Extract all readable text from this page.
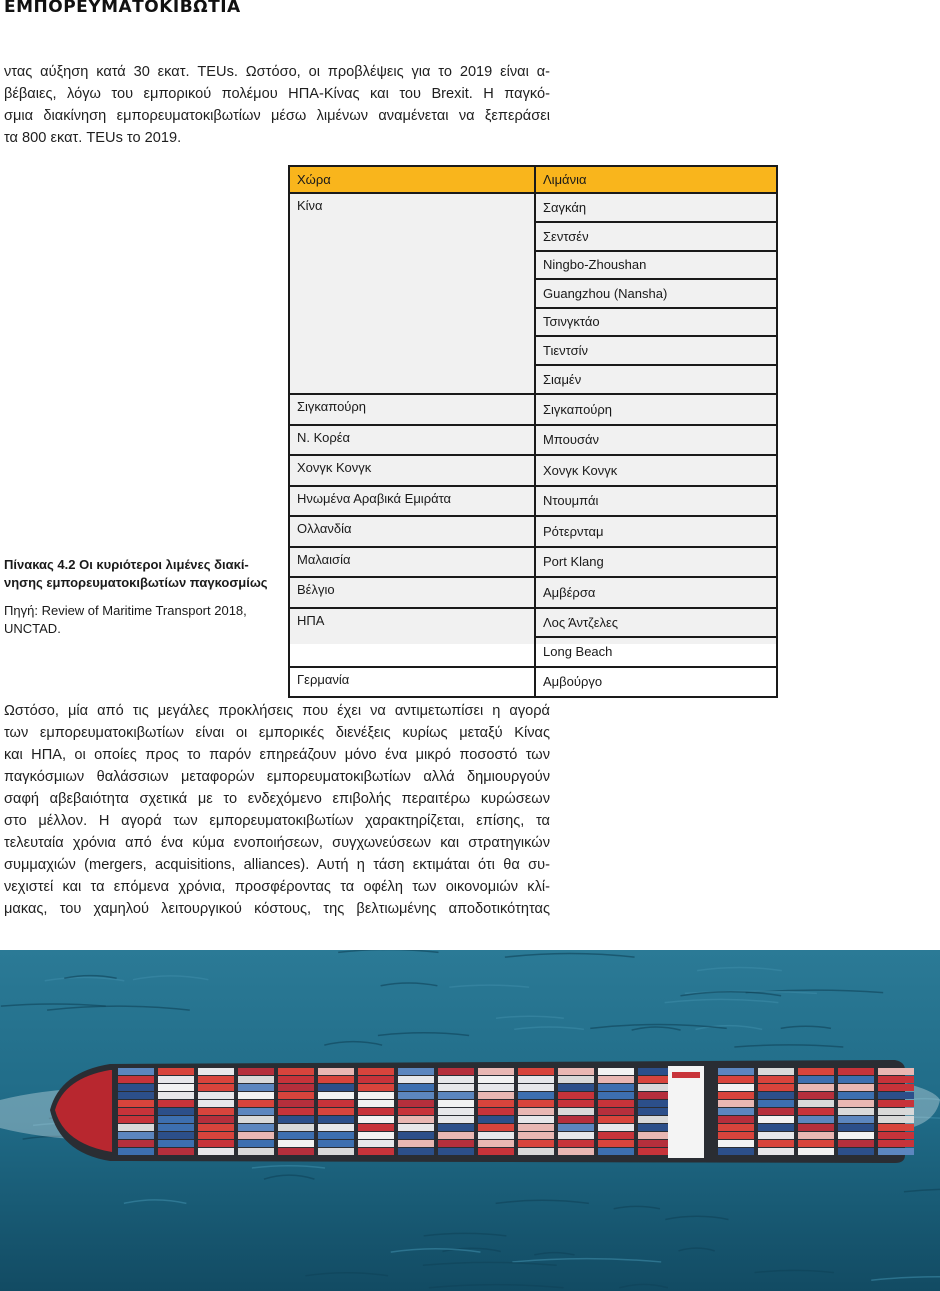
ΕΜΠΟΡΕΥΜΑΤΟΚΙΒΩΤΙΑ

ντας αύξηση κατά 30 εκατ. TEUs. Ωστόσο, οι προβλέψεις για το 2019 είναι α-
βέβαιες, λόγω του εμπορικού πολέμου ΗΠΑ-Κίνας και του Brexit. Η παγκό-
σμια διακίνηση εμπορευματοκιβωτίων μέσω λιμένων αναμένεται να ξεπεράσει
τα 800 εκατ. TEUs το 2019.

Πίνακας 4.2 Οι κυριότεροι λιμένες διακί-
νησης εμπορευματοκιβωτίων παγκοσμίως

Πηγή: Review of Maritime Transport 2018,
UNCTAD.

Χώρα	Λιμάνια
Κίνα	Σαγκάη
	Σεντσέν
	Ningbo-Zhoushan
	Guangzhou (Nansha)
	Τσινγκτάο
	Τιεντσίν
	Σιαμέν
Σιγκαπούρη	Σιγκαπούρη
Ν. Κορέα	Μπουσάν
Χονγκ Κονγκ	Χονγκ Κονγκ
Ηνωμένα Αραβικά Εμιράτα	Ντουμπάι
Ολλανδία	Ρότερνταμ
Μαλαισία	Port Klang
Βέλγιο	Αμβέρσα
ΗΠΑ	Λος Άντζελες
	Long Beach
Γερμανία	Αμβούργο

Ωστόσο, μία από τις μεγάλες προκλήσεις που έχει να αντιμετωπίσει η αγορά
των εμπορευματοκιβωτίων είναι οι εμπορικές διενέξεις κυρίως μεταξύ Κίνας
και ΗΠΑ, οι οποίες προς το παρόν επηρεάζουν μόνο ένα μικρό ποσοστό των
παγκόσμιων θαλάσσιων μεταφορών εμπορευματοκιβωτίων αλλά δημιουργούν
σαφή αβεβαιότητα σχετικά με το ενδεχόμενο επιβολής περαιτέρω κυρώσεων
στο μέλλον. Η αγορά των εμπορευματοκιβωτίων χαρακτηρίζεται, επίσης, τα
τελευταία χρόνια από ένα κύμα ενοποιήσεων, συγχωνεύσεων και στρατηγικών
συμμαχιών (mergers, acquisitions, alliances). Αυτή η τάση εκτιμάται ότι θα συ-
νεχιστεί και τα επόμενα χρόνια, προσφέροντας τα οφέλη των οικονομιών κλί-
μακας, του χαμηλού λειτουργικού κόστους, της βελτιωμένης αποδοτικότητας
